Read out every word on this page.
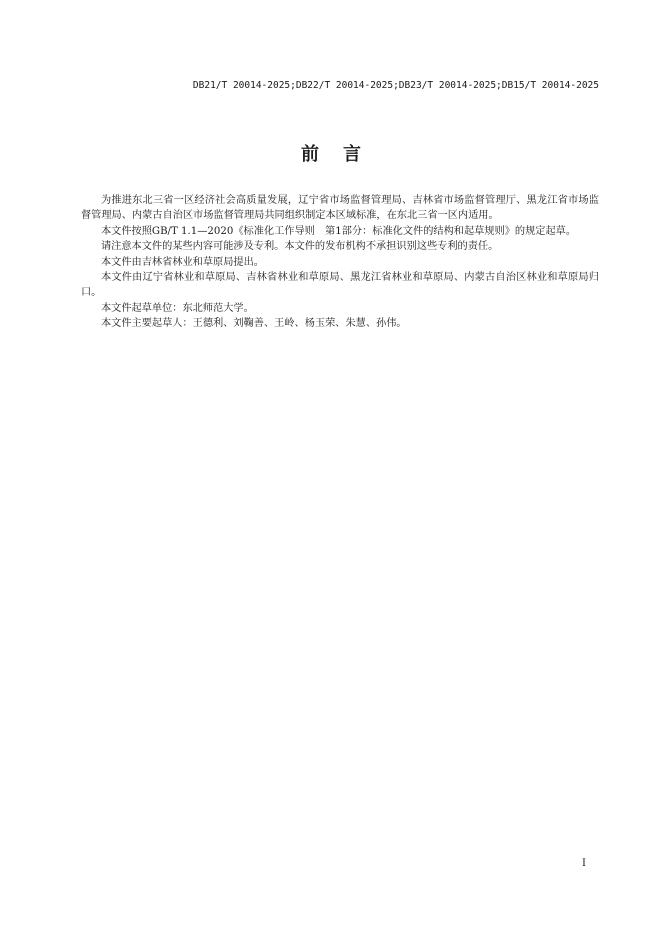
DB21/T 20014-2025;DB22/T 20014-2025;DB23/T 20014-2025;DB15/T 20014-2025
前言

为推进东北三省一区经济社会高质量发展，辽宁省市场监督管理局、吉林省市场监督管理厅、黑龙江省市场监督管理局、内蒙古自治区市场监督管理局共同组织制定本区域标准，在东北三省一区内适用。

本文件按照GB/T 1.1—2020《标准化工作导则　第1部分：标准化文件的结构和起草规则》的规定起草。

请注意本文件的某些内容可能涉及专利。本文件的发布机构不承担识别这些专利的责任。

本文件由吉林省林业和草原局提出。

本文件由辽宁省林业和草原局、吉林省林业和草原局、黑龙江省林业和草原局、内蒙古自治区林业和草原局归口。

本文件起草单位：东北师范大学。

本文件主要起草人：王德利、刘鞠善、王岭、杨玉荣、朱慧、孙伟。

I
